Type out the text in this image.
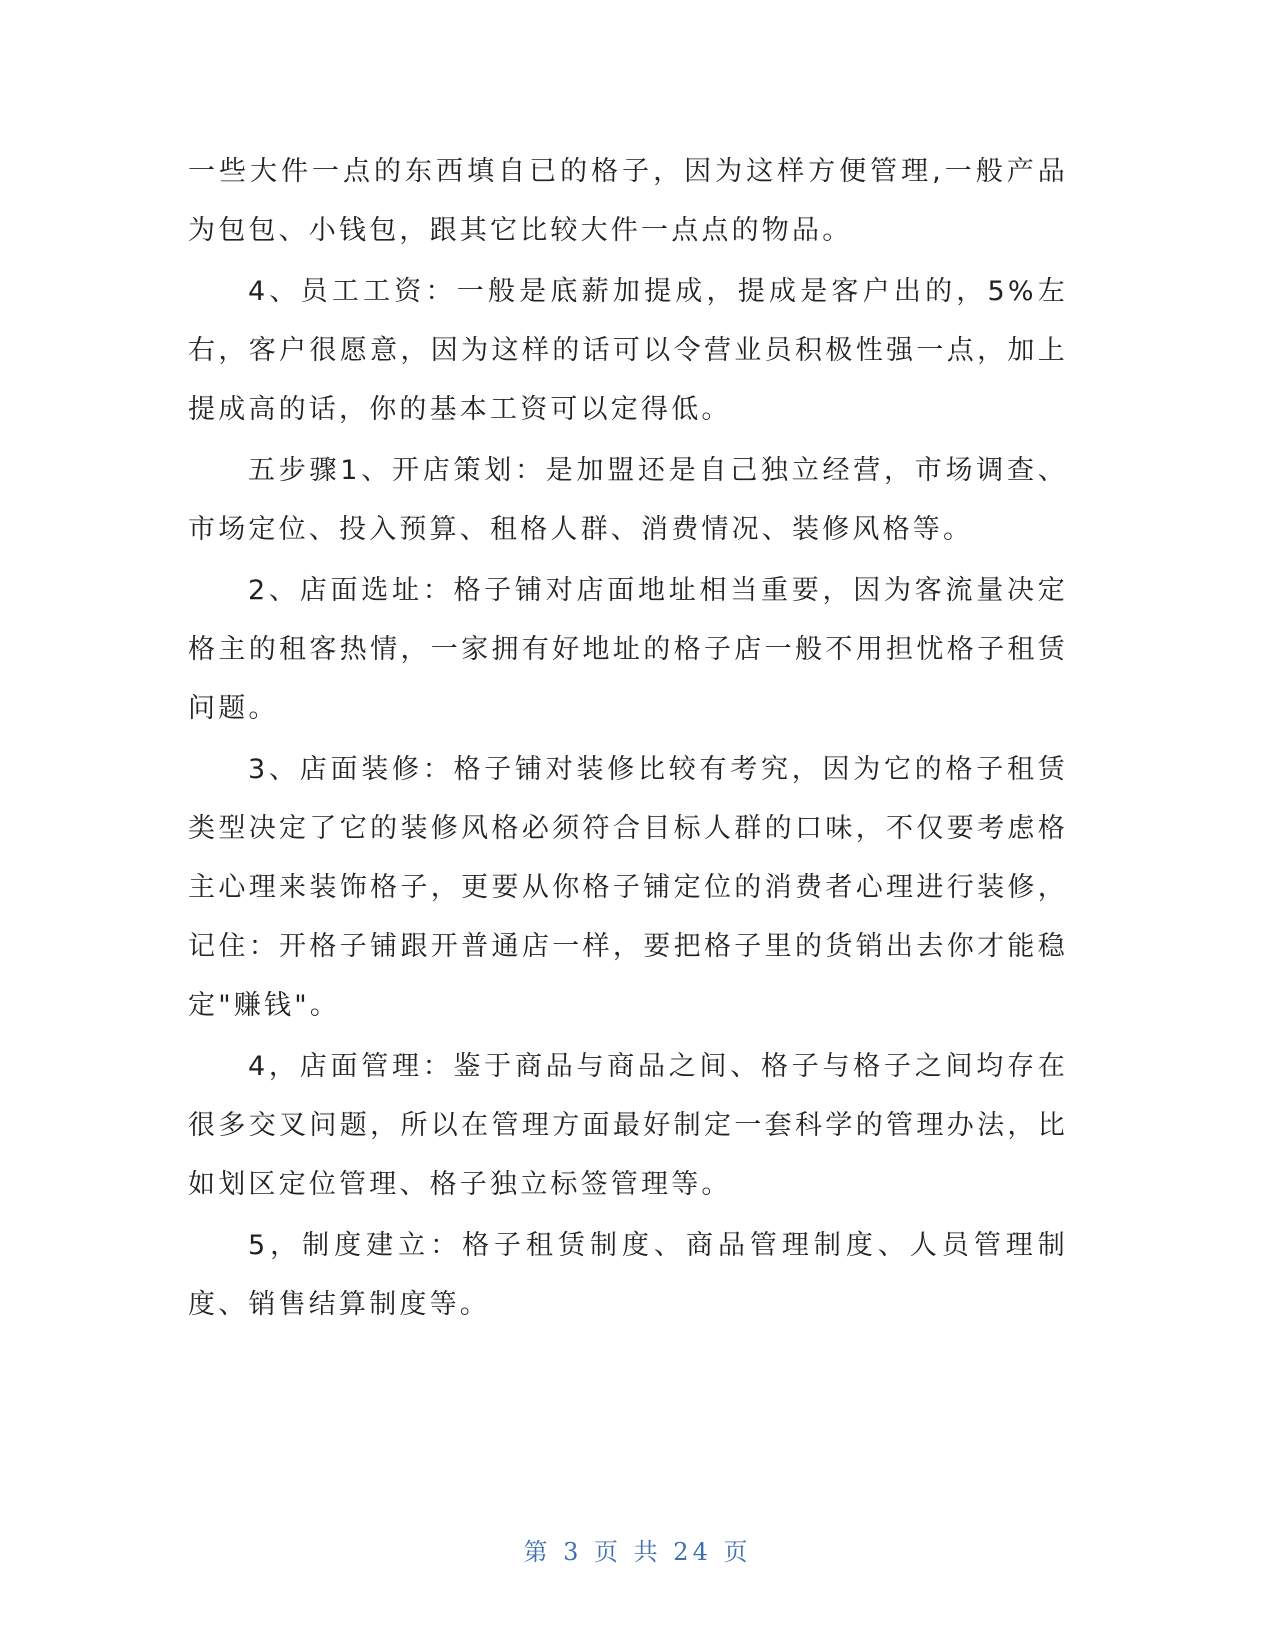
一些大件一点的东西填自已的格子，因为这样方便管理,一般产品为包包、小钱包，跟其它比较大件一点点的物品。

4、员工工资：一般是底薪加提成，提成是客户出的，5%左右，客户很愿意，因为这样的话可以令营业员积极性强一点，加上提成高的话，你的基本工资可以定得低。

五步骤1、开店策划：是加盟还是自己独立经营，市场调查、市场定位、投入预算、租格人群、消费情况、装修风格等。

2、店面选址：格子铺对店面地址相当重要，因为客流量决定格主的租客热情，一家拥有好地址的格子店一般不用担忧格子租赁问题。

3、店面装修：格子铺对装修比较有考究，因为它的格子租赁类型决定了它的装修风格必须符合目标人群的口味，不仅要考虑格主心理来装饰格子，更要从你格子铺定位的消费者心理进行装修，记住：开格子铺跟开普通店一样，要把格子里的货销出去你才能稳定"赚钱"。

4，店面管理：鉴于商品与商品之间、格子与格子之间均存在很多交叉问题，所以在管理方面最好制定一套科学的管理办法，比如划区定位管理、格子独立标签管理等。

5，制度建立：格子租赁制度、商品管理制度、人员管理制度、销售结算制度等。

第 3 页 共 24 页
